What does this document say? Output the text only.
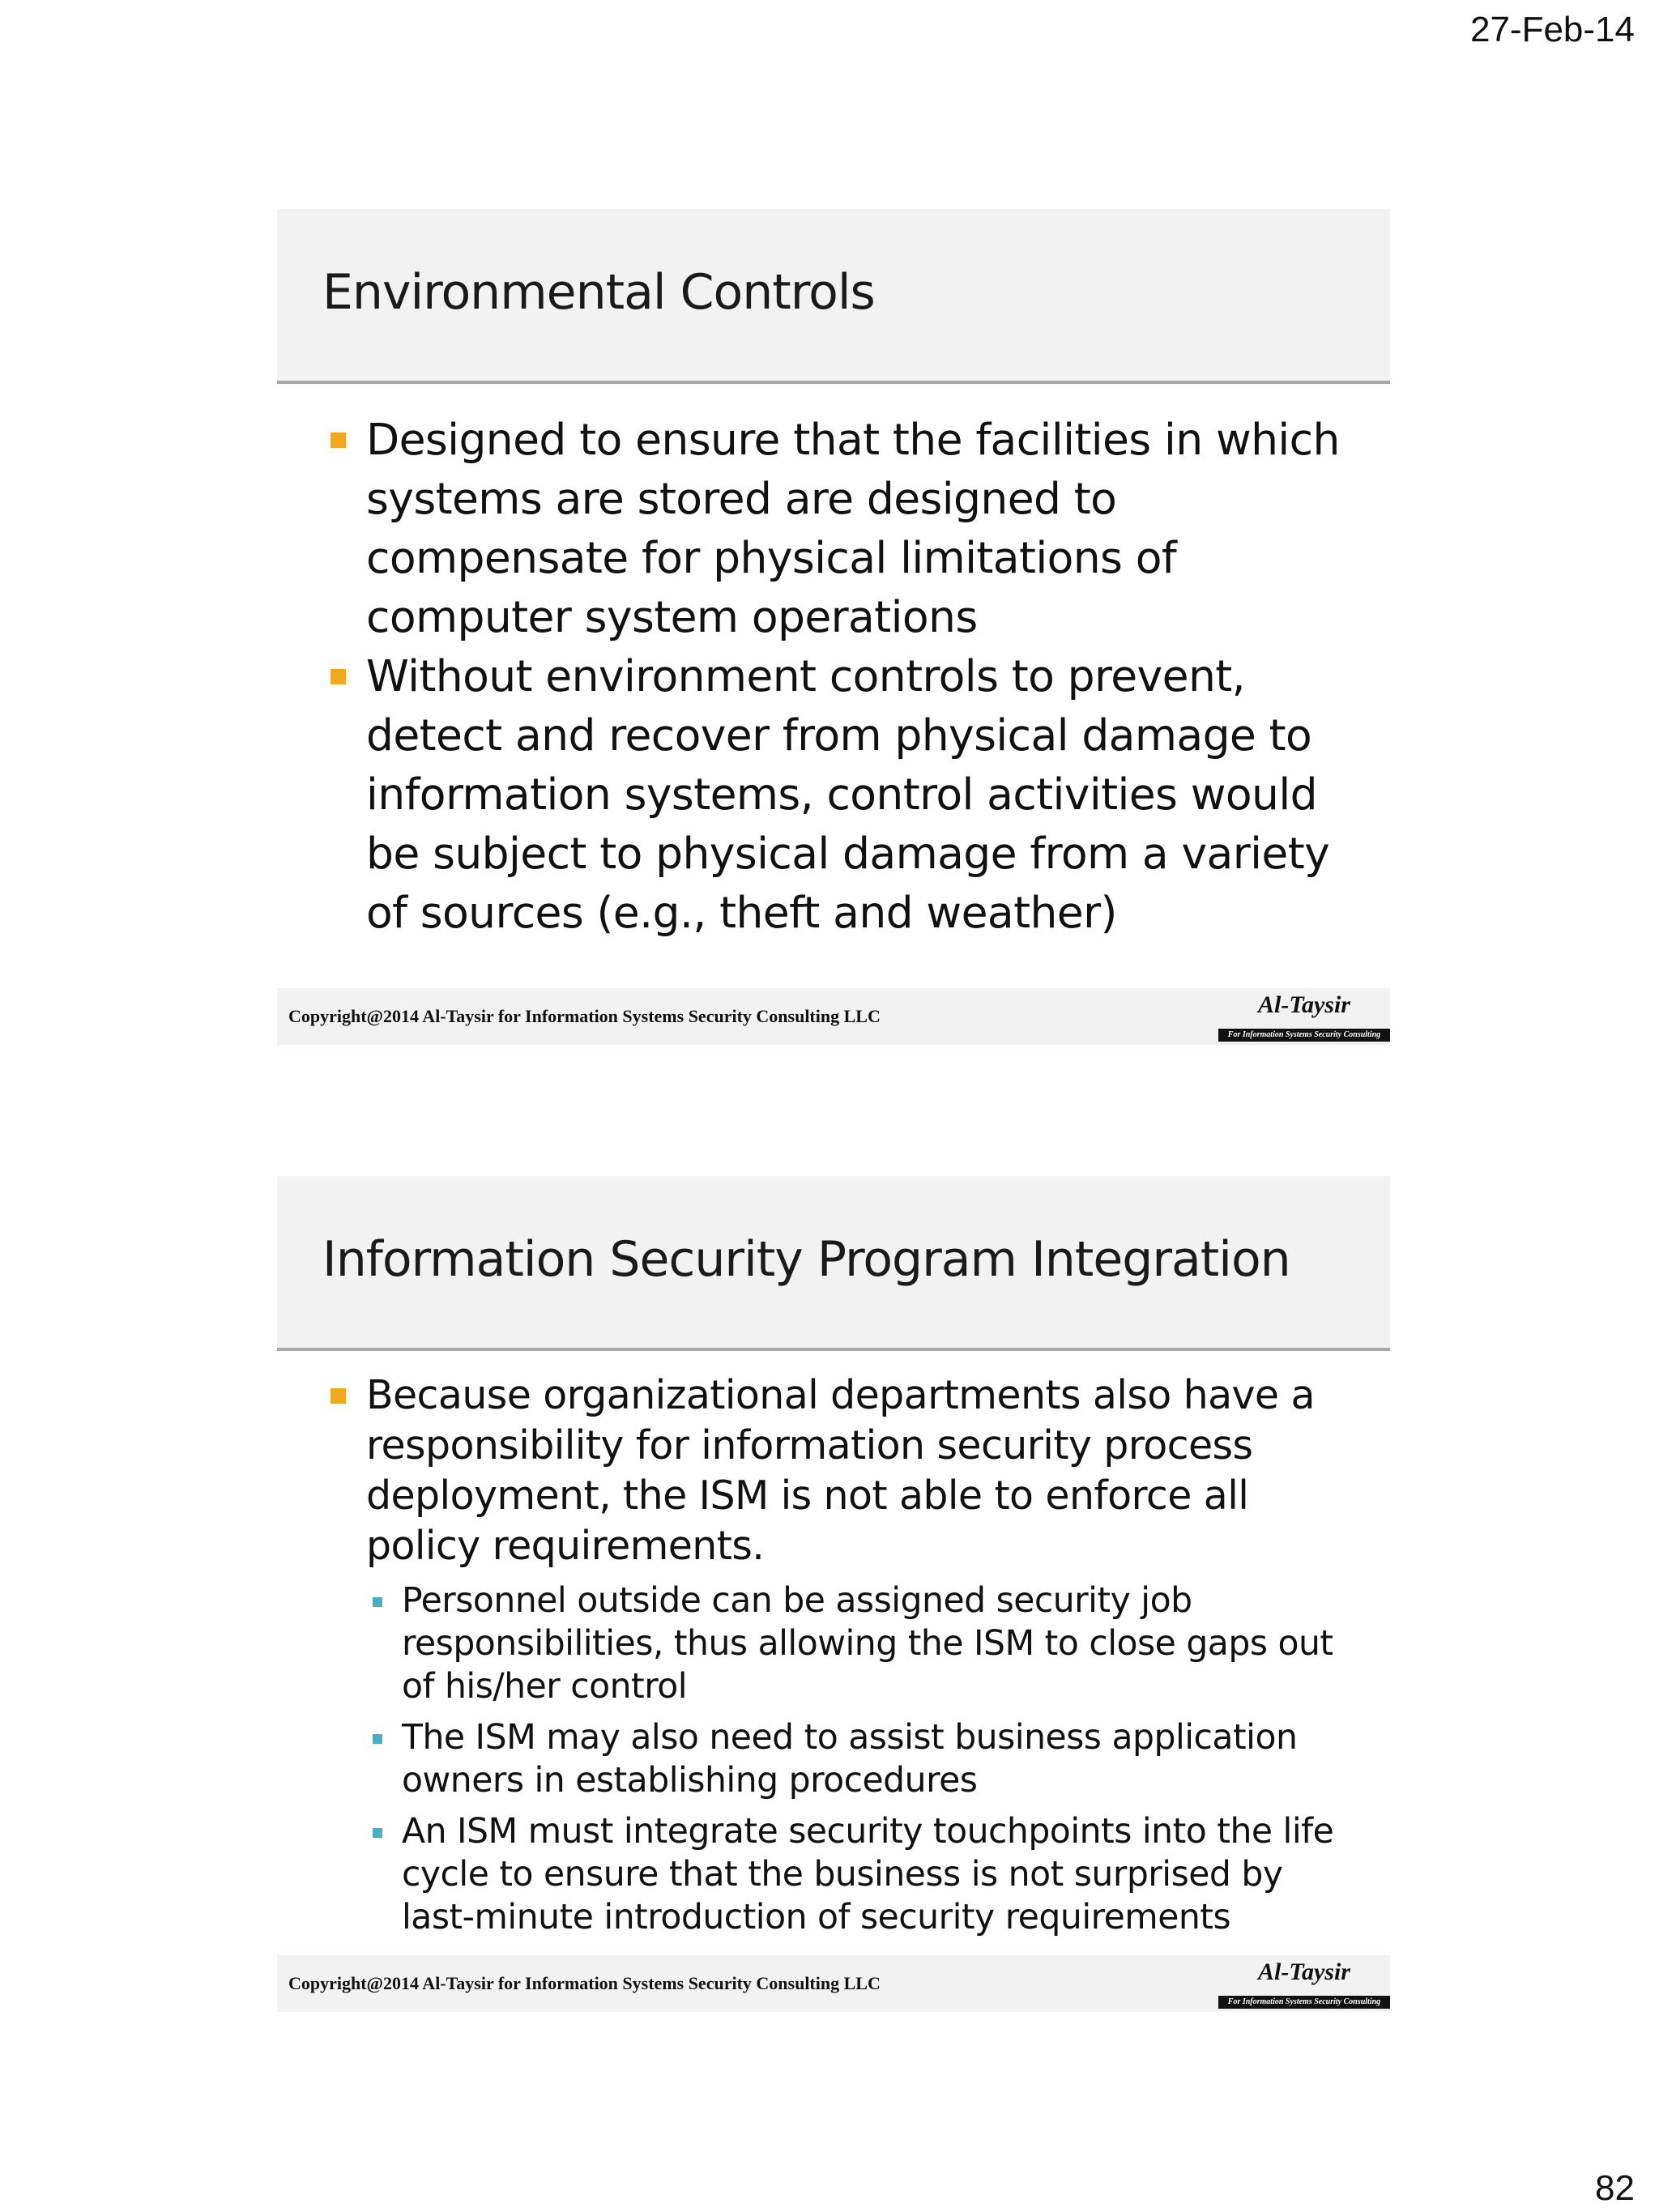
27-Feb-14
Environmental Controls
Designed to ensure that the facilities in which systems are stored are designed to compensate for physical limitations of computer system operations
Without environment controls to prevent, detect and recover from physical damage to information systems, control activities would be subject to physical damage from a variety of sources (e.g., theft and weather)
Copyright@2014 Al-Taysir for Information Systems Security Consulting LLC	Al-Taysir
For Information Systems Security Consulting
Information Security Program Integration
Because organizational departments also have a responsibility for information security process deployment, the ISM is not able to enforce all policy requirements.
Personnel outside can be assigned security job responsibilities, thus allowing the ISM to close gaps out of his/her control
The ISM may also need to assist business application owners in establishing procedures
An ISM must integrate security touchpoints into the life cycle to ensure that the business is not surprised by last-minute introduction of security requirements
Copyright@2014 Al-Taysir for Information Systems Security Consulting LLC	Al-Taysir
For Information Systems Security Consulting
82
